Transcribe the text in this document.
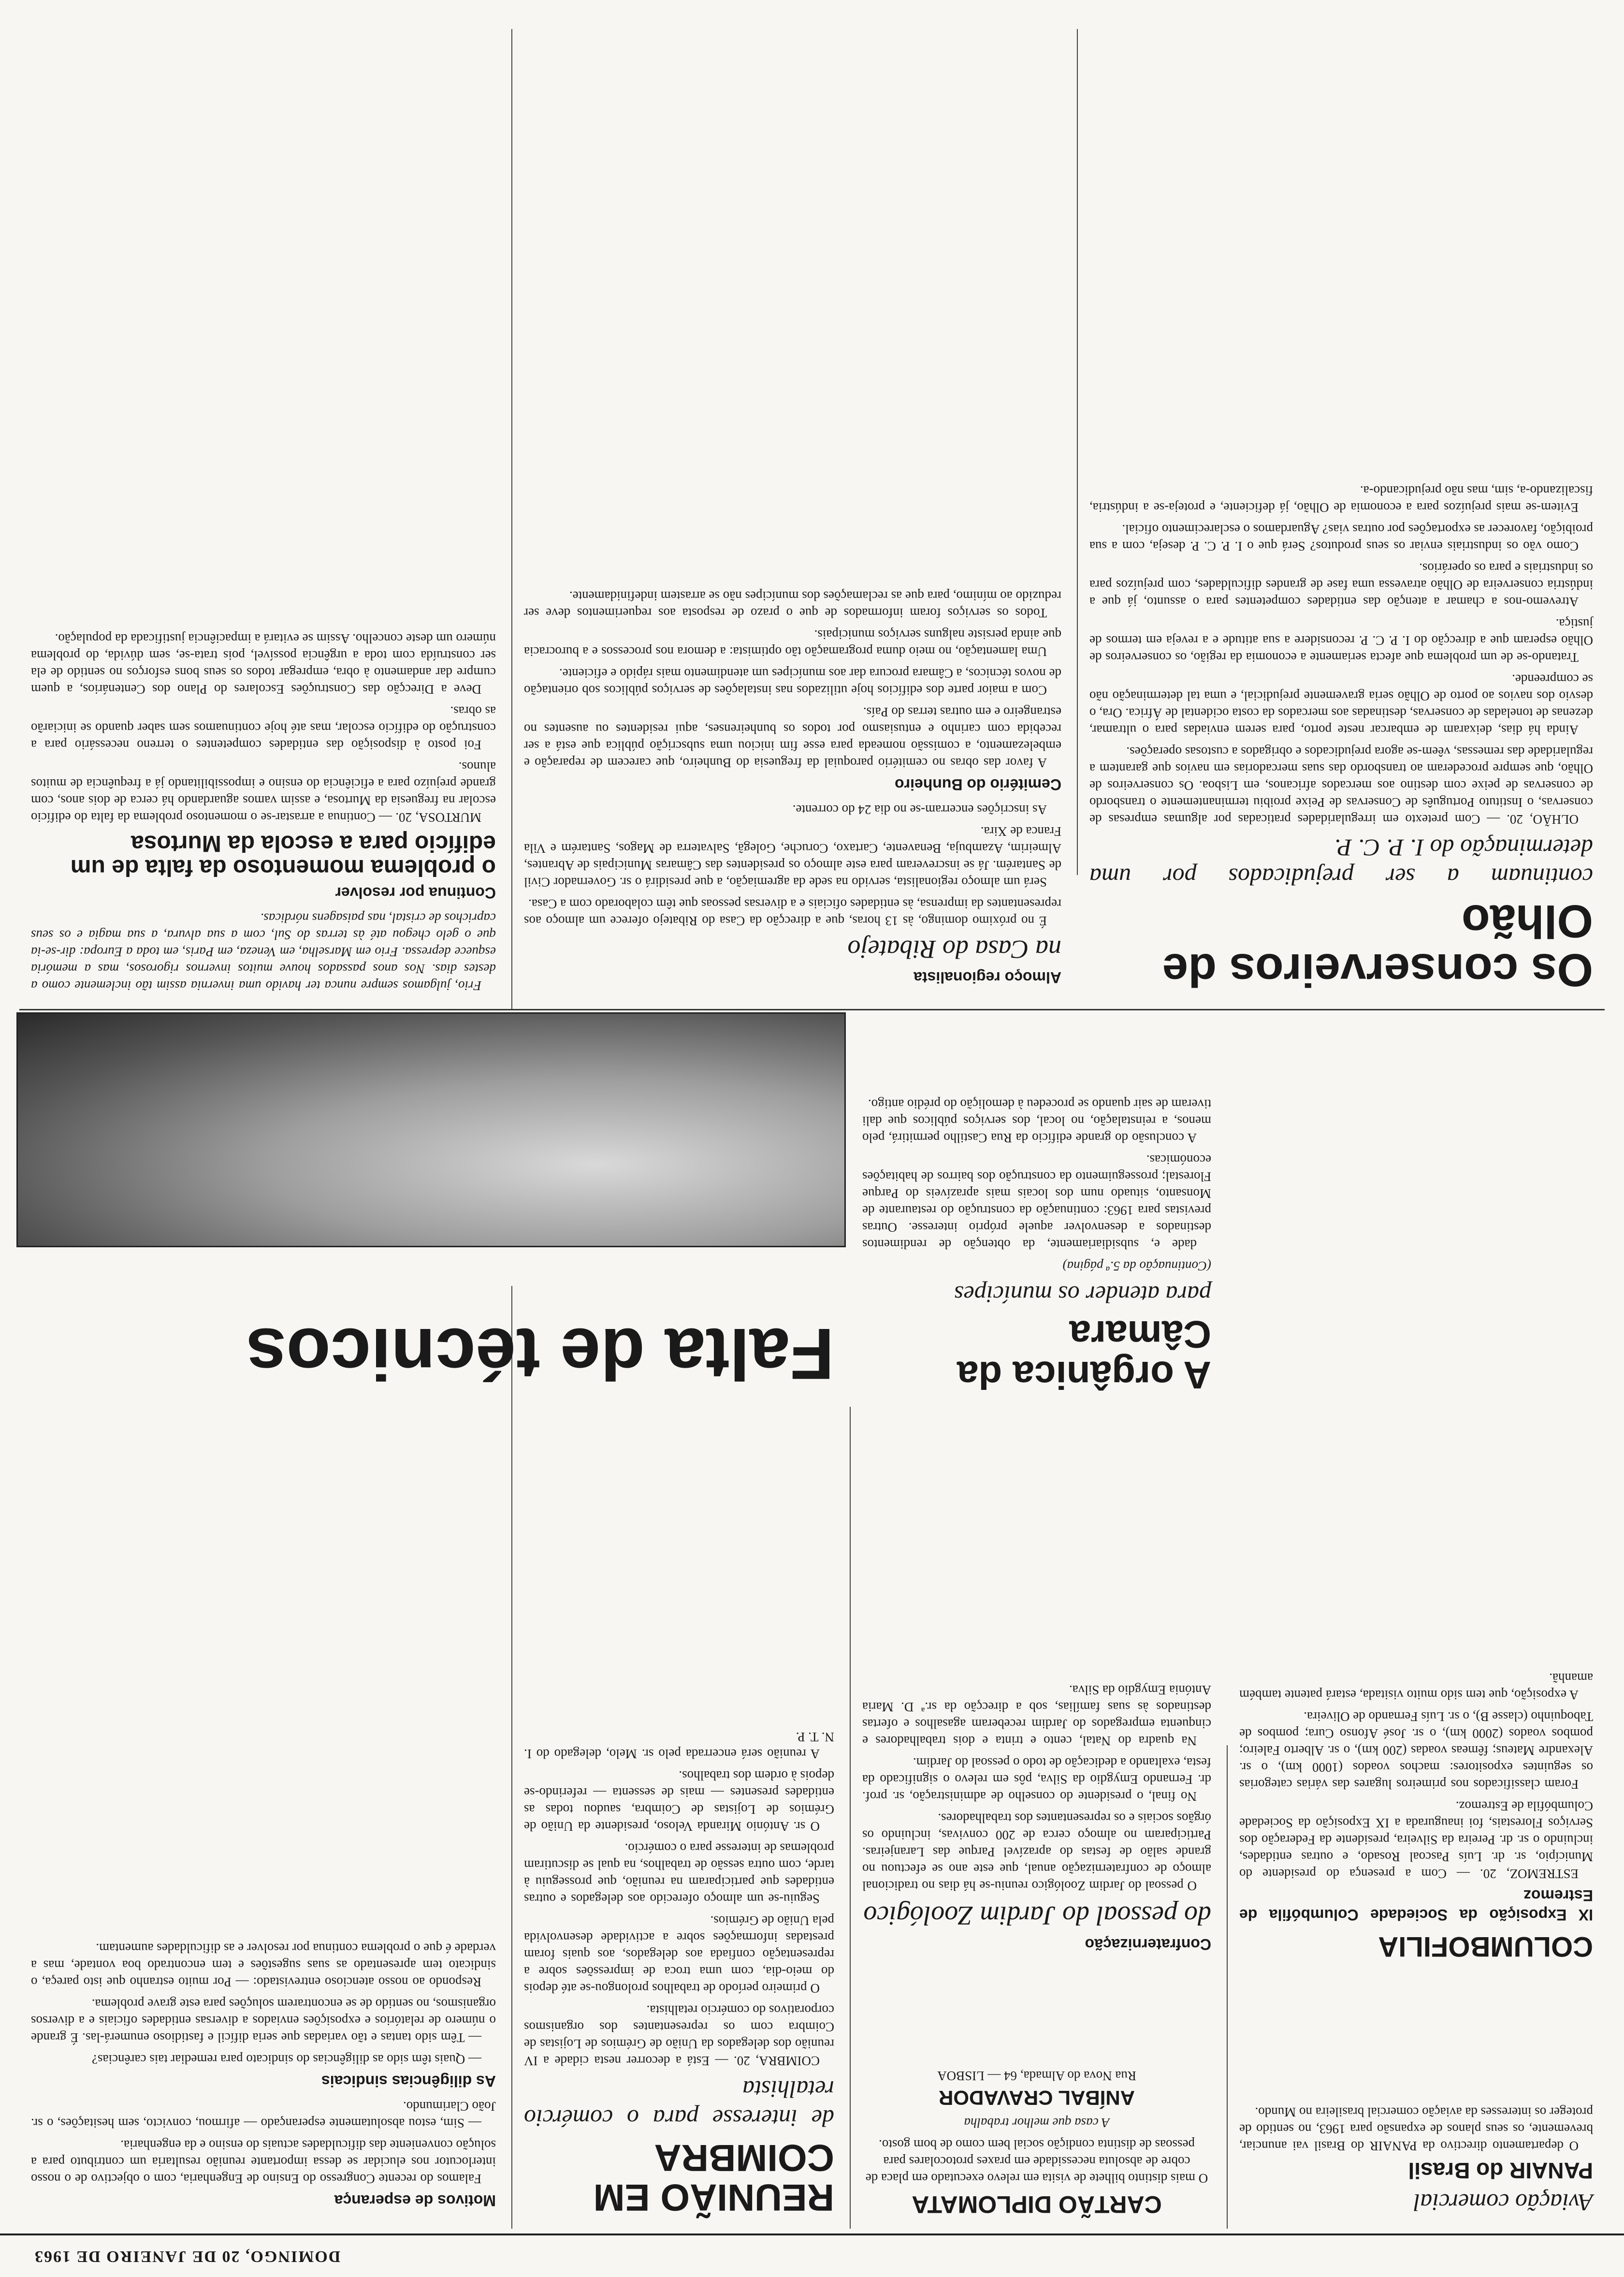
DOMINGO, 20 DE JANEIRO DE 1963
Aviação comercial
PANAIR do Brasil

O departamento directivo da PANAIR do Brasil vai anunciar, brevemente, os seus planos de expansão para 1963, no sentido de proteger os interesses da aviação comercial brasileira no Mundo.

COLUMBOFILIA
IX Exposição da Sociedade Columbófila de Estremoz

ESTREMOZ, 20. — Com a presença do presidente do Município, sr. dr. Luís Pascoal Rosado, e outras entidades, incluindo o sr. dr. Pereira da Silveira, presidente da Federação dos Serviços Florestais, foi inaugurada a IX Exposição da Sociedade Columbófila de Estremoz.

Foram classificados nos primeiros lugares das várias categorias os seguintes expositores: machos voados (1000 km), o sr. Alexandre Mateus; fêmeas voadas (200 km), o sr. Alberto Faleiro; pombos voados (2000 km), o sr. José Afonso Cura; pombos de Taboquinho (classe B), o sr. Luís Fernando de Oliveira.

A exposição, que tem sido muito visitada, estará patente também amanhã.

CARTÃO DIPLOMATA

O mais distinto bilhete de visita em relevo executado em placa de cobre de absoluta necessidade em praxes protocolares para pessoas de distinta condição social bem como de bom gosto.

A casa que melhor trabalha

ANÍBAL CRAVADOR

Rua Nova do Almada, 64 — LISBOA

Confraternização
do pessoal do Jardim Zoológico

O pessoal do Jardim Zoológico reuniu-se há dias no tradicional almoço de confraternização anual, que este ano se efectuou no grande salão de festas do aprazível Parque das Laranjeiras. Participaram no almoço cerca de 200 convivas, incluindo os órgãos sociais e os representantes dos trabalhadores.

No final, o presidente do conselho de administração, sr. prof. dr. Fernando Emygdio da Silva, pôs em relevo o significado da festa, exaltando a dedicação de todo o pessoal do Jardim.

Na quadra do Natal, cento e trinta e dois trabalhadores e cinquenta empregados do Jardim receberam agasalhos e ofertas destinados às suas famílias, sob a direcção da sr.ª D. Maria Antónia Emygdio da Silva.

REUNIÃO EM COIMBRA
de interesse para o comércio retalhista

COIMBRA, 20. — Está a decorrer nesta cidade a IV reunião dos delegados da União de Grémios de Lojistas de Coimbra com os representantes dos organismos corporativos do comércio retalhista.

O primeiro período de trabalhos prolongou-se até depois do meio-dia, com uma troca de impressões sobre a representação confiada aos delegados, aos quais foram prestadas informações sobre a actividade desenvolvida pela União de Grémios.

Seguiu-se um almoço oferecido aos delegados e outras entidades que participaram na reunião, que prosseguiu à tarde, com outra sessão de trabalhos, na qual se discutiram problemas de interesse para o comércio.

O sr. António Miranda Veloso, presidente da União de Grémios de Lojistas de Coimbra, saudou todas as entidades presentes — mais de sessenta — referindo-se depois à ordem dos trabalhos.

A reunião será encerrada pelo sr. Melo, delegado do I. N. T. P.

Motivos de esperança

Falamos do recente Congresso do Ensino de Engenharia, com o objectivo de o nosso interlocutor nos elucidar se dessa importante reunião resultaria um contributo para a solução conveniente das dificuldades actuais do ensino e da engenharia.

— Sim, estou absolutamente esperançado — afirmou, convicto, sem hesitações, o sr. João Clarimundo.

As diligências sindicais

— Quais têm sido as diligências do sindicato para remediar tais carências?

— Têm sido tantas e tão variadas que seria difícil e fastidioso enumerá-las. É grande o número de relatórios e exposições enviados a diversas entidades oficiais e a diversos organismos, no sentido de se encontrarem soluções para este grave problema.

Respondo ao nosso atencioso entrevistado: — Por muito estranho que isto pareça, o sindicato tem apresentado as suas sugestões e tem encontrado boa vontade, mas a verdade é que o problema continua por resolver e as dificuldades aumentam.

Falta de técnicos	A orgânica da Câmara
para atender os munícipes

(Continuação da 5.ª página)

dade e, subsidiariamente, da obtenção de rendimentos destinados a desenvolver aquele próprio interesse. Outras previstas para 1963: continuação da construção do restaurante de Monsanto, situado num dos locais mais aprazíveis do Parque Florestal; prosseguimento da construção dos bairros de habitações económicas.

A conclusão do grande edifício da Rua Castilho permitirá, pelo menos, a reinstalação, no local, dos serviços públicos que dali tiveram de sair quando se procedeu à demolição do prédio antigo.

Os conserveiros de Olhão
continuam a ser prejudicados por uma determinação do I. P. C. P.

OLHÃO, 20. — Com pretexto em irregularidades praticadas por algumas empresas de conservas, o Instituto Português de Conservas de Peixe proibiu terminantemente o transbordo de conservas de peixe com destino aos mercados africanos, em Lisboa. Os conserveiros de Olhão, que sempre procederam ao transbordo das suas mercadorias em navios que garantem a regularidade das remessas, vêem-se agora prejudicados e obrigados a custosas operações.

Ainda há dias, deixaram de embarcar neste porto, para serem enviadas para o ultramar, dezenas de toneladas de conservas, destinadas aos mercados da costa ocidental de África. Ora, o desvio dos navios ao porto de Olhão seria gravemente prejudicial, e uma tal determinação não se compreende.

Tratando-se de um problema que afecta seriamente a economia da região, os conserveiros de Olhão esperam que a direcção do I. P. C. P. reconsidere a sua atitude e a reveja em termos de justiça.

Atrevemo-nos a chamar a atenção das entidades competentes para o assunto, já que a indústria conserveira de Olhão atravessa uma fase de grandes dificuldades, com prejuízos para os industriais e para os operários.

Como vão os industriais enviar os seus produtos? Será que o I. P. C. P. deseja, com a sua proibição, favorecer as exportações por outras vias? Aguardamos o esclarecimento oficial.

Evitem-se mais prejuízos para a economia de Olhão, já deficiente, e proteja-se a indústria, fiscalizando-a, sim, mas não prejudicando-a.

Almoço regionalista
na Casa do Ribatejo

É no próximo domingo, às 13 horas, que a direcção da Casa do Ribatejo oferece um almoço aos representantes da imprensa, às entidades oficiais e a diversas pessoas que têm colaborado com a Casa.

Será um almoço regionalista, servido na sede da agremiação, a que presidirá o sr. Governador Civil de Santarém. Já se inscreveram para este almoço os presidentes das Câmaras Municipais de Abrantes, Almeirim, Azambuja, Benavente, Cartaxo, Coruche, Golegã, Salvaterra de Magos, Santarém e Vila Franca de Xira.

As inscrições encerram-se no dia 24 do corrente.

Cemitério do Bunheiro

A favor das obras no cemitério paroquial da freguesia do Bunheiro, que carecem de reparação e embelezamento, a comissão nomeada para esse fim iniciou uma subscrição pública que está a ser recebida com carinho e entusiasmo por todos os bunheirenses, aqui residentes ou ausentes no estrangeiro e em outras terras do País.

Com a maior parte dos edifícios hoje utilizados nas instalações de serviços públicos sob orientação de novos técnicos, a Câmara procura dar aos munícipes um atendimento mais rápido e eficiente.

Uma lamentação, no meio duma programação tão optimista: a demora nos processos e a burocracia que ainda persiste nalguns serviços municipais.

Todos os serviços foram informados de que o prazo de resposta aos requerimentos deve ser reduzido ao mínimo, para que as reclamações dos munícipes não se arrastem indefinidamente.

Frio, julgamos sempre nunca ter havido uma invernia assim tão inclemente como a destes dias. Nos anos passados houve muitos invernos rigorosos, mas a memória esquece depressa. Frio em Marselha, em Veneza, em Paris, em toda a Europa: dir-se-ia que o gelo chegou até às terras do Sul, com a sua alvura, a sua magia e os seus caprichos de cristal, nas paisagens nórdicas.

Continua por resolver
o problema momentoso da falta de um edifício para a escola da Murtosa

MURTOSA, 20. — Continua a arrastar-se o momentoso problema da falta do edifício escolar na freguesia da Murtosa, e assim vamos aguardando há cerca de dois anos, com grande prejuízo para a eficiência do ensino e impossibilitando já a frequência de muitos alunos.

Foi posto à disposição das entidades competentes o terreno necessário para a construção do edifício escolar, mas até hoje continuamos sem saber quando se iniciarão as obras.

Deve a Direcção das Construções Escolares do Plano dos Centenários, a quem cumpre dar andamento à obra, empregar todos os seus bons esforços no sentido de ela ser construída com toda a urgência possível, pois trata-se, sem dúvida, do problema número um deste concelho. Assim se evitará a impaciência justificada da população.
